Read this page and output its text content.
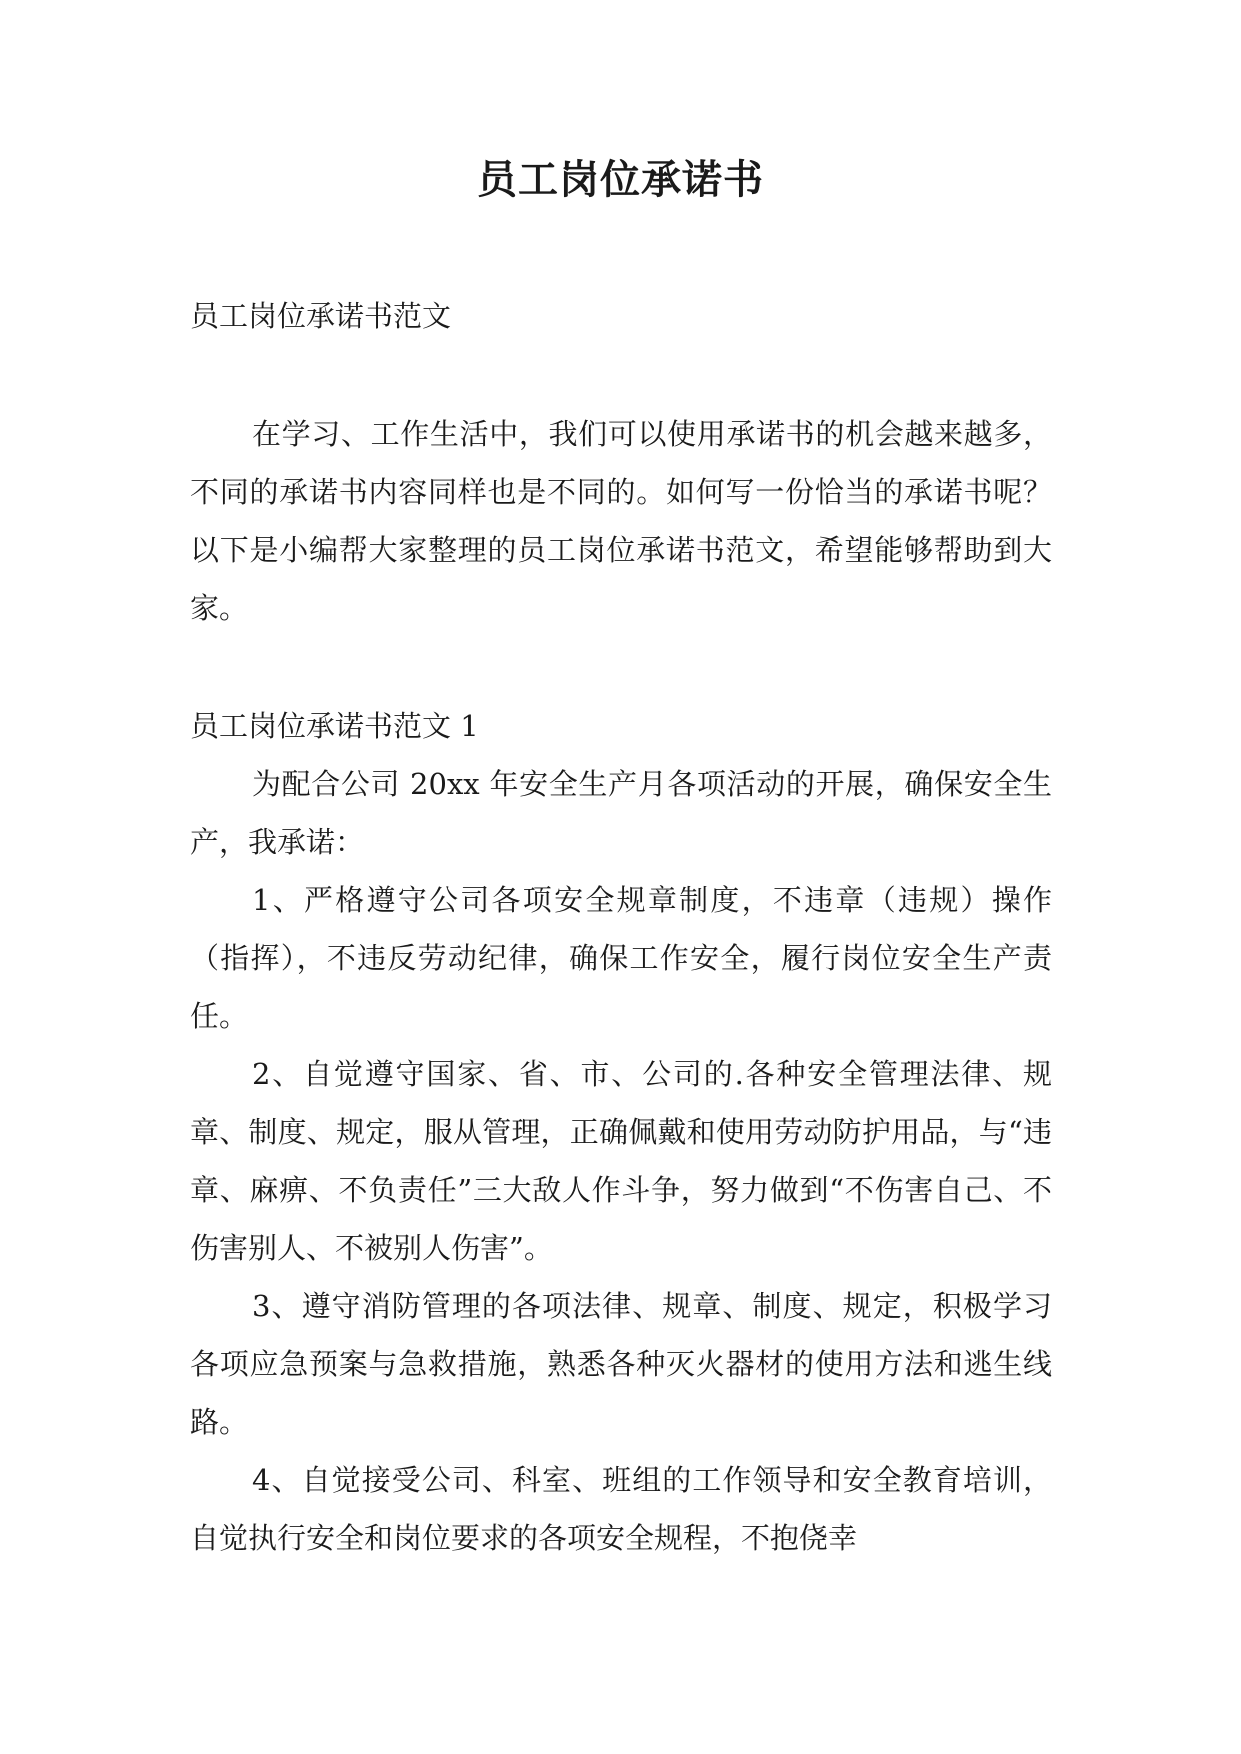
员工岗位承诺书

员工岗位承诺书范文

在学习、工作生活中，我们可以使用承诺书的机会越来越多，不同的承诺书内容同样也是不同的。如何写一份恰当的承诺书呢？以下是小编帮大家整理的员工岗位承诺书范文，希望能够帮助到大家。

员工岗位承诺书范文 1

为配合公司 20xx 年安全生产月各项活动的开展，确保安全生产，我承诺：

1、严格遵守公司各项安全规章制度，不违章（违规）操作（指挥），不违反劳动纪律，确保工作安全，履行岗位安全生产责任。

2、自觉遵守国家、省、市、公司的.各种安全管理法律、规章、制度、规定，服从管理，正确佩戴和使用劳动防护用品，与“违章、麻痹、不负责任”三大敌人作斗争，努力做到“不伤害自己、不伤害别人、不被别人伤害”。

3、遵守消防管理的各项法律、规章、制度、规定，积极学习各项应急预案与急救措施，熟悉各种灭火器材的使用方法和逃生线路。

4、自觉接受公司、科室、班组的工作领导和安全教育培训，自觉执行安全和岗位要求的各项安全规程，不抱侥幸
